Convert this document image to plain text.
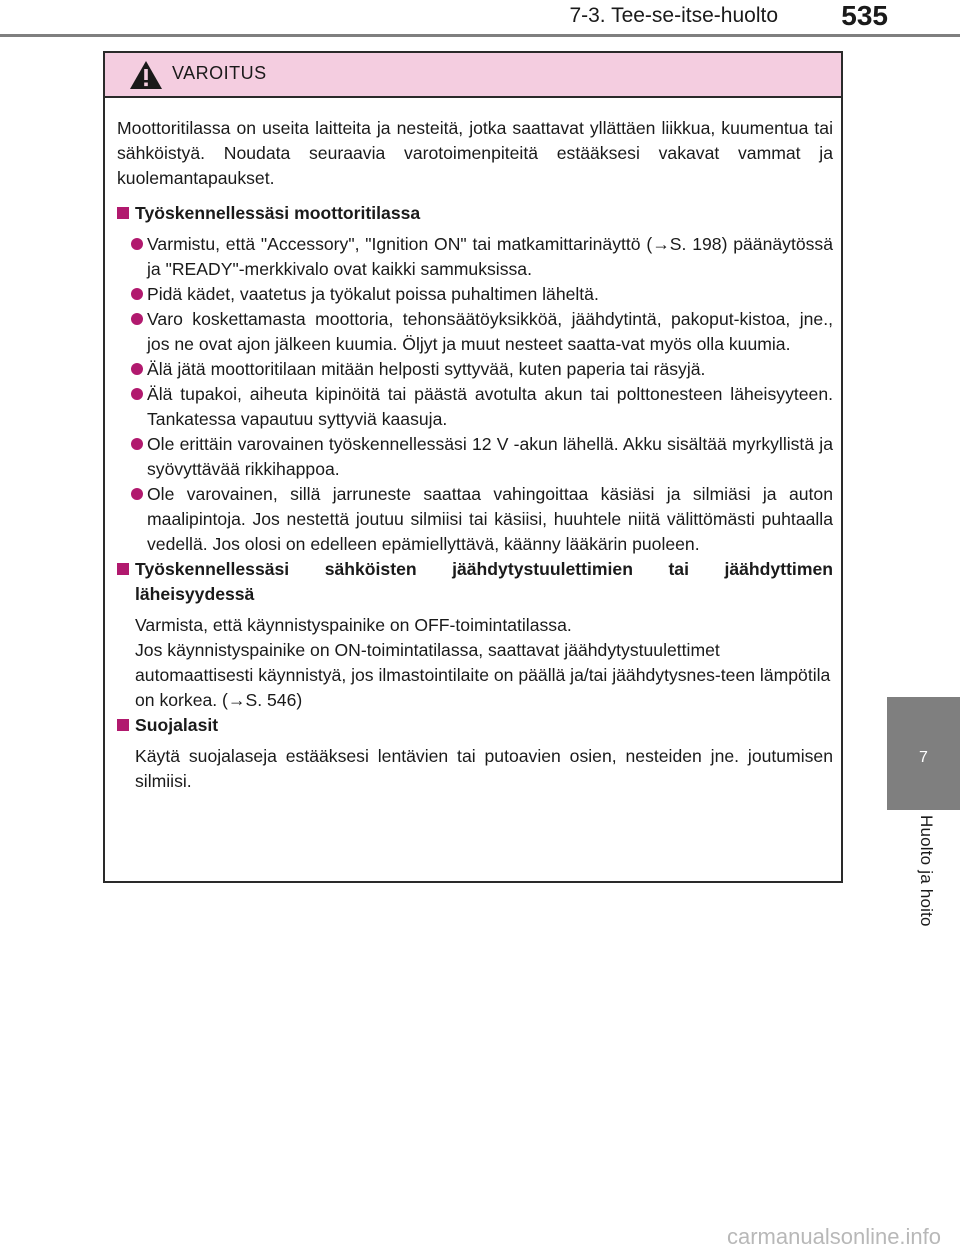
7-3. Tee-se-itse-huolto 535
7
Huolto ja hoito
VAROITUS

Moottoritilassa on useita laitteita ja nesteitä, jotka saattavat yllättäen liikkua, kuumentua tai sähköistyä. Noudata seuraavia varotoimenpiteitä estääksesi vakavat vammat ja kuolemantapaukset.

Työskennellessäsi moottoritilassa

Varmistu, että "Accessory", "Ignition ON" tai matkamittarinäyttö (→S. 198) päänäytössä ja "READY"-merkkivalo ovat kaikki sammuksissa.

Pidä kädet, vaatetus ja työkalut poissa puhaltimen läheltä.

Varo koskettamasta moottoria, tehonsäätöyksikköä, jäähdytintä, pakoput-kistoa, jne., jos ne ovat ajon jälkeen kuumia. Öljyt ja muut nesteet saatta-vat myös olla kuumia.

Älä jätä moottoritilaan mitään helposti syttyvää, kuten paperia tai räsyjä.

Älä tupakoi, aiheuta kipinöitä tai päästä avotulta akun tai polttonesteen läheisyyteen. Tankatessa vapautuu syttyviä kaasuja.

Ole erittäin varovainen työskennellessäsi 12 V -akun lähellä. Akku sisältää myrkyllistä ja syövyttävää rikkihappoa.

Ole varovainen, sillä jarruneste saattaa vahingoittaa käsiäsi ja silmiäsi ja auton maalipintoja. Jos nestettä joutuu silmiisi tai käsiisi, huuhtele niitä välittömästi puhtaalla vedellä. Jos olosi on edelleen epämiellyttävä, käänny lääkärin puoleen.

Työskennellessäsi sähköisten jäähdytystuulettimien tai jäähdyttimen läheisyydessä

Varmista, että käynnistyspainike on OFF-toimintatilassa.

Jos käynnistyspainike on ON-toimintatilassa, saattavat jäähdytystuulettimet automaattisesti käynnistyä, jos ilmastointilaite on päällä ja/tai jäähdytysnes-teen lämpötila on korkea. (→S. 546)

Suojalasit

Käytä suojalaseja estääksesi lentävien tai putoavien osien, nesteiden jne. joutumisen silmiisi.

carmanualsonline.info
